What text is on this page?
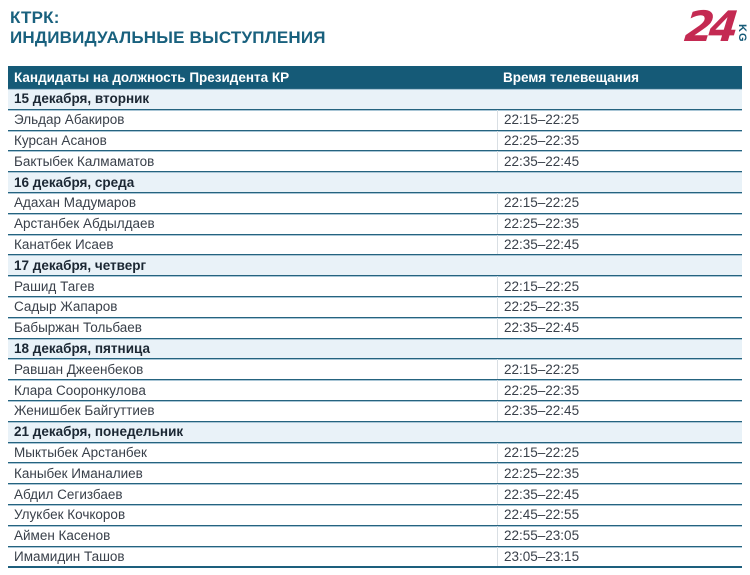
КТРК:
ИНДИВИДУАЛЬНЫЕ ВЫСТУПЛЕНИЯ	24 KG
Кандидаты на должность Президента КР	Время телевещания
15 декабря, вторник
Эльдар Абакиров	22:15–22:25
Курсан Асанов	22:25–22:35
Бактыбек Калмаматов	22:35–22:45
16 декабря, среда
Адахан Мадумаров	22:15–22:25
Арстанбек Абдылдаев	22:25–22:35
Канатбек Исаев	22:35–22:45
17 декабря, четверг
Рашид Тагев	22:15–22:25
Садыр Жапаров	22:25–22:35
Бабыржан Тольбаев	22:35–22:45
18 декабря, пятница
Равшан Джеенбеков	22:15–22:25
Клара Сооронкулова	22:25–22:35
Женишбек Байгуттиев	22:35–22:45
21 декабря, понедельник
Мыктыбек Арстанбек	22:15–22:25
Каныбек Иманалиев	22:25–22:35
Абдил Сегизбаев	22:35–22:45
Улукбек Кочкоров	22:45–22:55
Аймен Касенов	22:55–23:05
Имамидин Ташов	23:05–23:15
